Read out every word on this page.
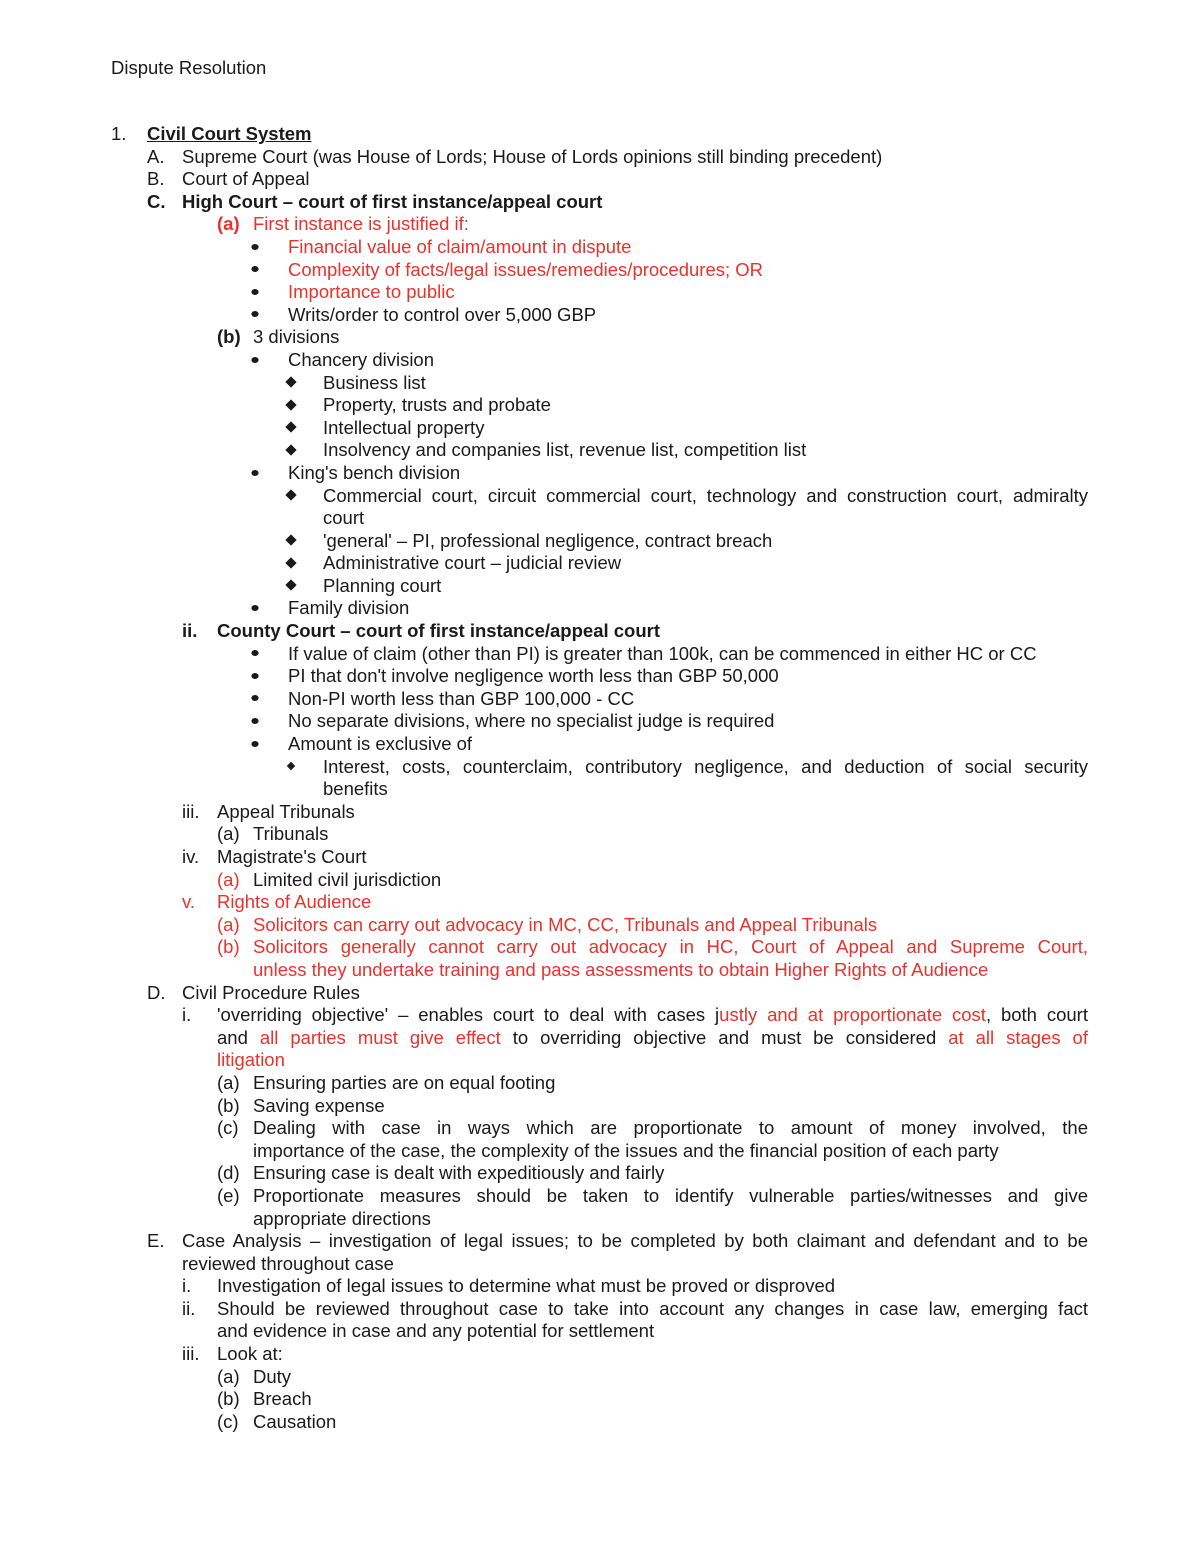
Dispute Resolution
1. Civil Court System
A. Supreme Court (was House of Lords; House of Lords opinions still binding precedent)
B. Court of Appeal
C. High Court – court of first instance/appeal court
(a) First instance is justified if:
Financial value of claim/amount in dispute
Complexity of facts/legal issues/remedies/procedures; OR
Importance to public
Writs/order to control over 5,000 GBP
(b) 3 divisions
Chancery division
Business list
Property, trusts and probate
Intellectual property
Insolvency and companies list, revenue list, competition list
King's bench division
Commercial court, circuit commercial court, technology and construction court, admiralty
court
'general' – PI, professional negligence, contract breach
Administrative court – judicial review
Planning court
Family division
ii. County Court – court of first instance/appeal court
If value of claim (other than PI) is greater than 100k, can be commenced in either HC or CC
PI that don't involve negligence worth less than GBP 50,000
Non-PI worth less than GBP 100,000 - CC
No separate divisions, where no specialist judge is required
Amount is exclusive of
Interest, costs, counterclaim, contributory negligence, and deduction of social security
benefits
iii. Appeal Tribunals
(a) Tribunals
iv. Magistrate's Court
(a) Limited civil jurisdiction
v. Rights of Audience
(a) Solicitors can carry out advocacy in MC, CC, Tribunals and Appeal Tribunals
(b) Solicitors generally cannot carry out advocacy in HC, Court of Appeal and Supreme Court,
unless they undertake training and pass assessments to obtain Higher Rights of Audience
D. Civil Procedure Rules
i. 'overriding objective' – enables court to deal with cases justly and at proportionate cost, both court
and all parties must give effect to overriding objective and must be considered at all stages of
litigation
(a) Ensuring parties are on equal footing
(b) Saving expense
(c) Dealing with case in ways which are proportionate to amount of money involved, the
importance of the case, the complexity of the issues and the financial position of each party
(d) Ensuring case is dealt with expeditiously and fairly
(e) Proportionate measures should be taken to identify vulnerable parties/witnesses and give
appropriate directions
E. Case Analysis – investigation of legal issues; to be completed by both claimant and defendant and to be
reviewed throughout case
i. Investigation of legal issues to determine what must be proved or disproved
ii. Should be reviewed throughout case to take into account any changes in case law, emerging fact
and evidence in case and any potential for settlement
iii. Look at:
(a) Duty
(b) Breach
(c) Causation
